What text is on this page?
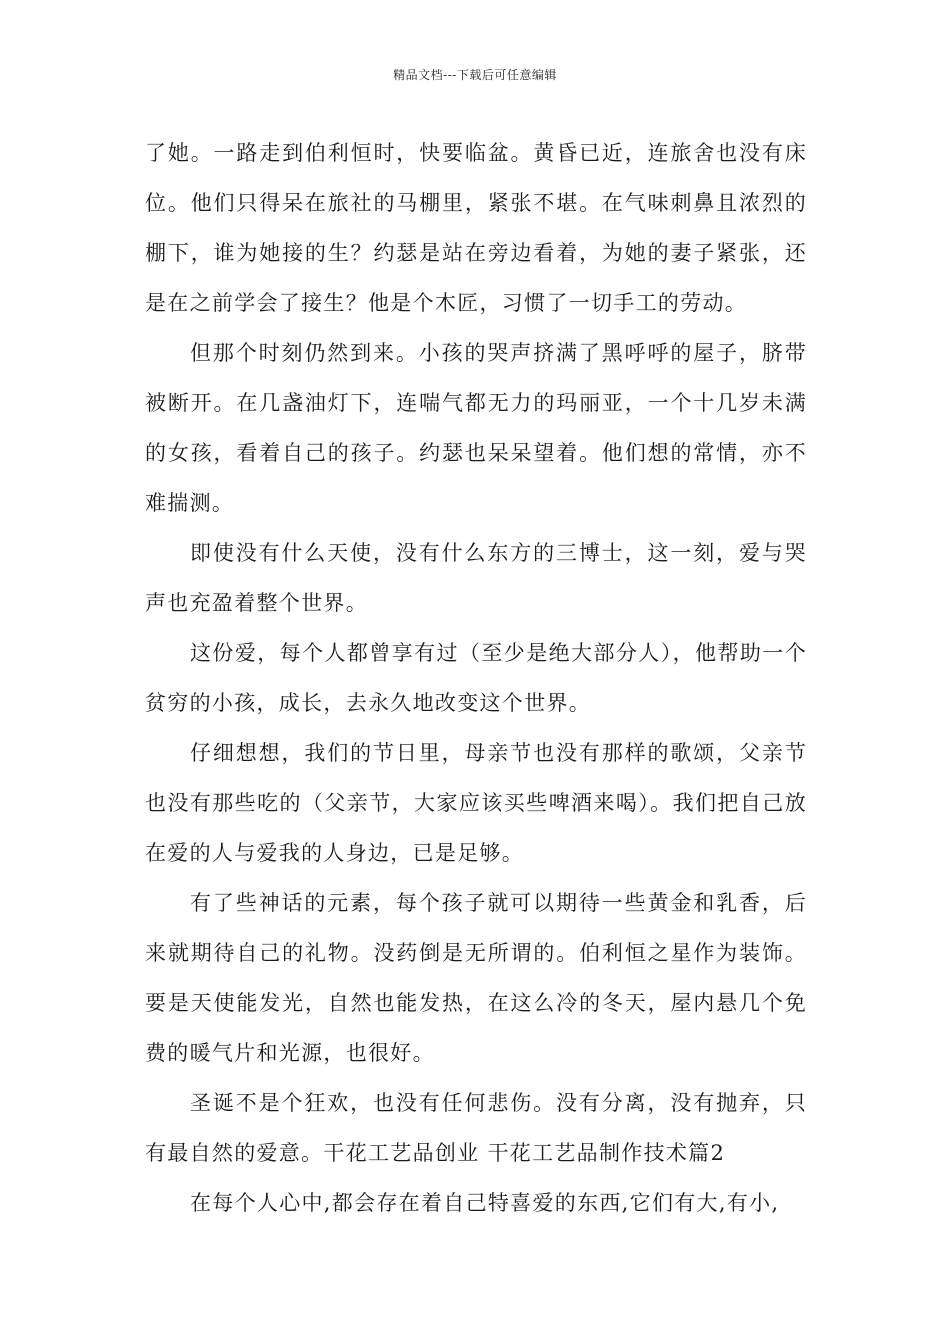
精品文档---下载后可任意编辑

了她。一路走到伯利恒时，快要临盆。黄昏已近，连旅舍也没有床位。他们只得呆在旅社的马棚里，紧张不堪。在气味刺鼻且浓烈的棚下，谁为她接的生？约瑟是站在旁边看着，为她的妻子紧张，还是在之前学会了接生？他是个木匠，习惯了一切手工的劳动。

但那个时刻仍然到来。小孩的哭声挤满了黑呼呼的屋子，脐带被断开。在几盏油灯下，连喘气都无力的玛丽亚，一个十几岁未满的女孩，看着自己的孩子。约瑟也呆呆望着。他们想的常情，亦不难揣测。

即使没有什么天使，没有什么东方的三博士，这一刻，爱与哭声也充盈着整个世界。

这份爱，每个人都曾享有过（至少是绝大部分人），他帮助一个贫穷的小孩，成长，去永久地改变这个世界。

仔细想想，我们的节日里，母亲节也没有那样的歌颂，父亲节也没有那些吃的（父亲节，大家应该买些啤酒来喝）。我们把自己放在爱的人与爱我的人身边，已是足够。

有了些神话的元素，每个孩子就可以期待一些黄金和乳香，后来就期待自己的礼物。没药倒是无所谓的。伯利恒之星作为装饰。要是天使能发光，自然也能发热，在这么冷的冬天，屋内悬几个免费的暖气片和光源，也很好。

圣诞不是个狂欢，也没有任何悲伤。没有分离，没有抛弃，只有最自然的爱意。干花工艺品创业 干花工艺品制作技术篇2

在每个人心中,都会存在着自己特喜爱的东西,它们有大,有小,
